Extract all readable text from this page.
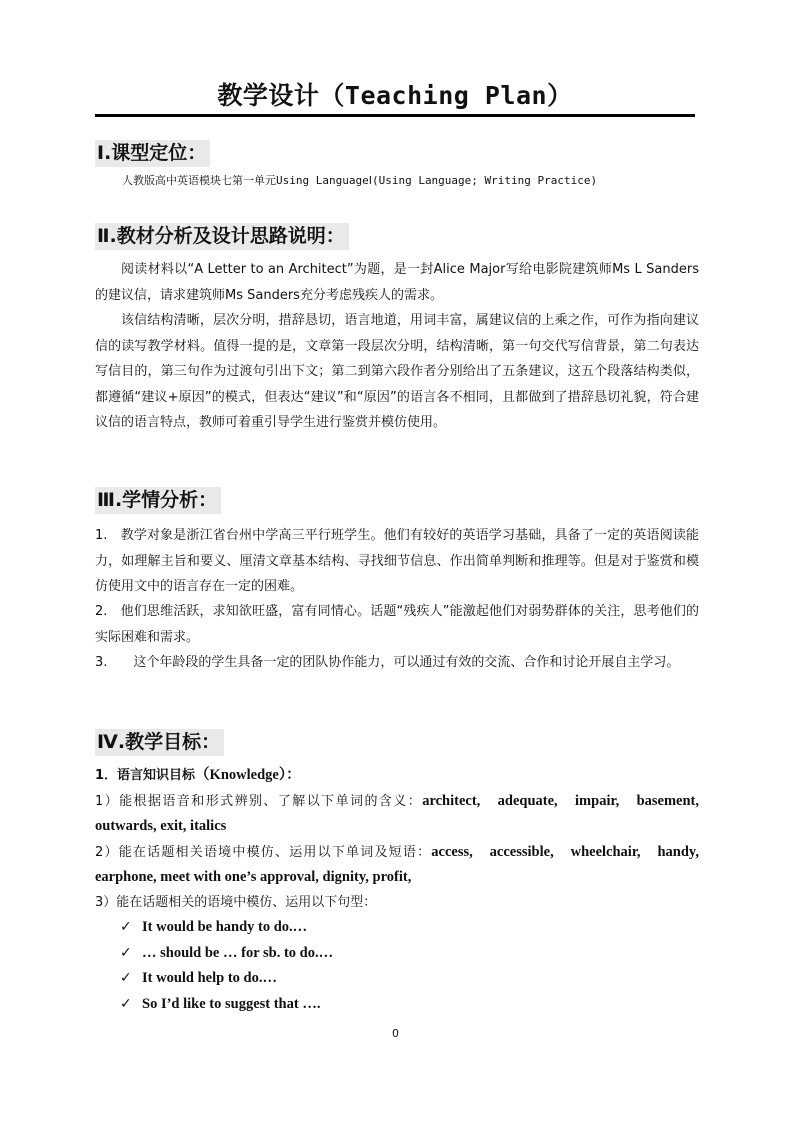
教学设计（Teaching Plan）
Ⅰ.课型定位：
人教版高中英语模块七第一单元Using LanguageⅠ(Using Language; Writing Practice)
Ⅱ.教材分析及设计思路说明：
阅读材料以“A Letter to an Architect”为题，是一封Alice Major写给电影院建筑师Ms L Sanders的建议信，请求建筑师Ms Sanders充分考虑残疾人的需求。
该信结构清晰，层次分明，措辞恳切，语言地道，用词丰富，属建议信的上乘之作，可作为指向建议信的读写教学材料。值得一提的是，文章第一段层次分明，结构清晰，第一句交代写信背景，第二句表达写信目的，第三句作为过渡句引出下文；第二到第六段作者分别给出了五条建议，这五个段落结构类似，都遵循“建议+原因”的模式，但表达“建议”和“原因”的语言各不相同，且都做到了措辞恳切礼貌，符合建议信的语言特点，教师可着重引导学生进行鉴赏并模仿使用。
Ⅲ.学情分析：
1.　教学对象是浙江省台州中学高三平行班学生。他们有较好的英语学习基础，具备了一定的英语阅读能力，如理解主旨和要义、厘清文章基本结构、寻找细节信息、作出简单判断和推理等。但是对于鉴赏和模仿使用文中的语言存在一定的困难。
2.　他们思维活跃，求知欲旺盛，富有同情心。话题“残疾人”能激起他们对弱势群体的关注，思考他们的实际困难和需求。
3.　　这个年龄段的学生具备一定的团队协作能力，可以通过有效的交流、合作和讨论开展自主学习。
Ⅳ.教学目标：
1．语言知识目标（Knowledge）：
1）能根据语音和形式辨别、了解以下单词的含义：architect,　adequate,　impair,　basement, outwards, exit, italics
2）能在话题相关语境中模仿、运用以下单词及短语：access,　accessible,　wheelchair,　handy, earphone, meet with one’s approval, dignity, profit,
3）能在话题相关的语境中模仿、运用以下句型：
✓ It would be handy to do.…
✓ … should be … for sb. to do.…
✓ It would help to do.…
✓ So I’d like to suggest that ….
0
